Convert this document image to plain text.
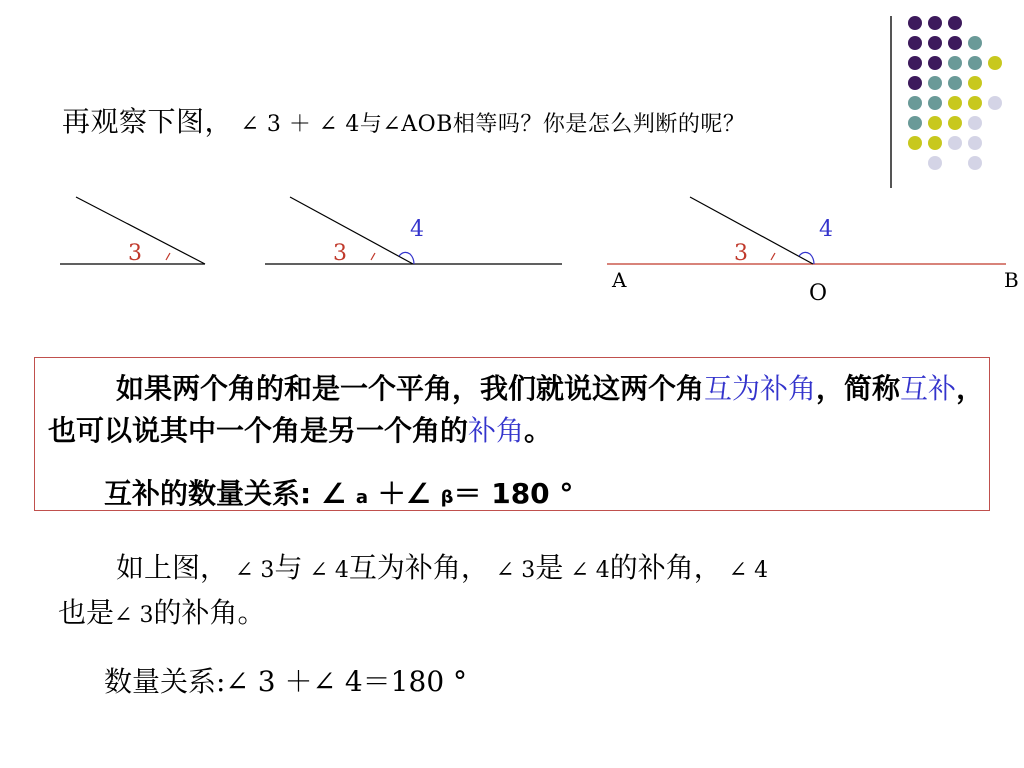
再观察下图， ∠ 3 ＋ ∠ 4与∠AOB相等吗？你是怎么判断的呢？
3	3
4
3
4
A
O
B
如果两个角的和是一个平角，我们就说这两个角互为补角，简称互补，也可以说其中一个角是另一个角的补角。
互补的数量关系: ∠ a ＋∠ β＝ 180 °
如上图， ∠ 3与 ∠ 4互为补角， ∠ 3是 ∠ 4的补角， ∠ 4
也是∠ 3的补角。
数量关系:∠ 3 ＋∠ 4＝180 °
